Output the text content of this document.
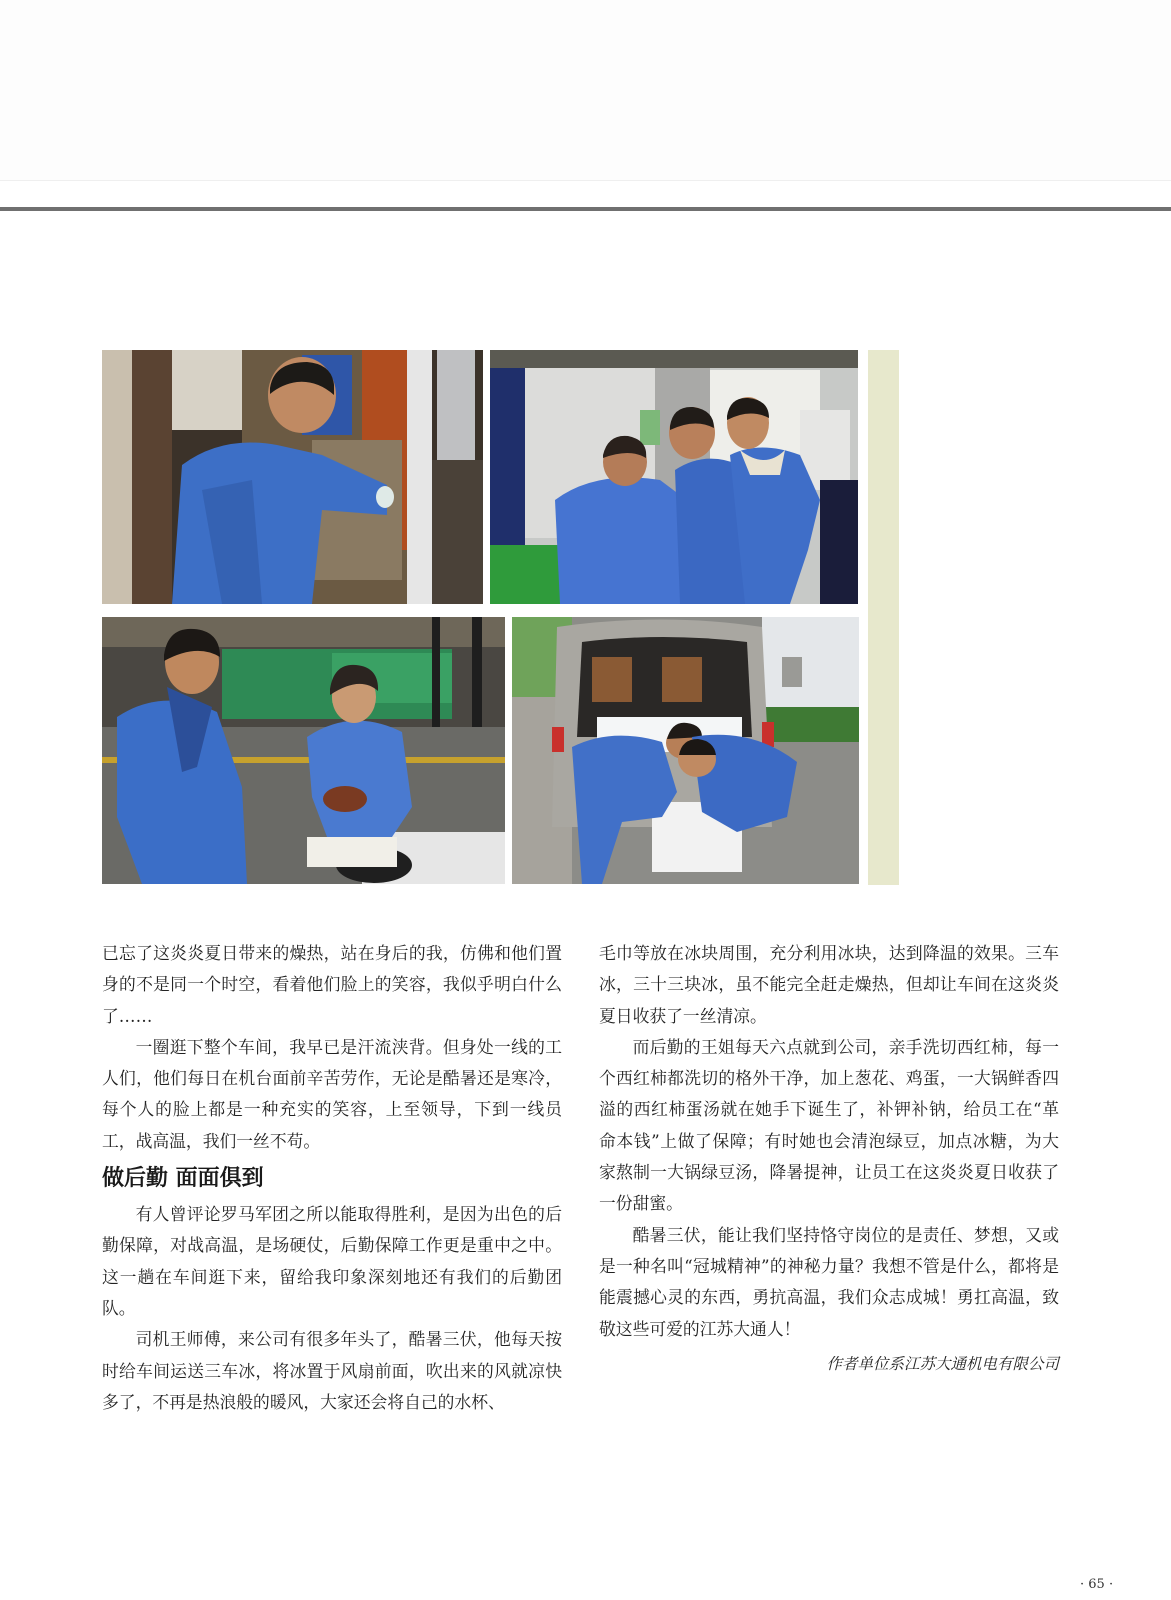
已忘了这炎炎夏日带来的燥热，站在身后的我，仿佛和他们置身的不是同一个时空，看着他们脸上的笑容，我似乎明白什么了……

一圈逛下整个车间，我早已是汗流浃背。但身处一线的工人们，他们每日在机台面前辛苦劳作，无论是酷暑还是寒冷，每个人的脸上都是一种充实的笑容，上至领导，下到一线员工，战高温，我们一丝不苟。

做后勤 面面俱到

有人曾评论罗马军团之所以能取得胜利，是因为出色的后勤保障，对战高温，是场硬仗，后勤保障工作更是重中之中。这一趟在车间逛下来，留给我印象深刻地还有我们的后勤团队。

司机王师傅，来公司有很多年头了，酷暑三伏，他每天按时给车间运送三车冰，将冰置于风扇前面，吹出来的风就凉快多了，不再是热浪般的暖风，大家还会将自己的水杯、

毛巾等放在冰块周围，充分利用冰块，达到降温的效果。三车冰，三十三块冰，虽不能完全赶走燥热，但却让车间在这炎炎夏日收获了一丝清凉。

而后勤的王姐每天六点就到公司，亲手洗切西红柿，每一个西红柿都洗切的格外干净，加上葱花、鸡蛋，一大锅鲜香四溢的西红柿蛋汤就在她手下诞生了，补钾补钠，给员工在“革命本钱”上做了保障；有时她也会清泡绿豆，加点冰糖，为大家熬制一大锅绿豆汤，降暑提神，让员工在这炎炎夏日收获了一份甜蜜。

酷暑三伏，能让我们坚持恪守岗位的是责任、梦想，又或是一种名叫“冠城精神”的神秘力量？我想不管是什么，都将是能震撼心灵的东西，勇抗高温，我们众志成城！勇扛高温，致敬这些可爱的江苏大通人！

作者单位系江苏大通机电有限公司
· 65 ·
